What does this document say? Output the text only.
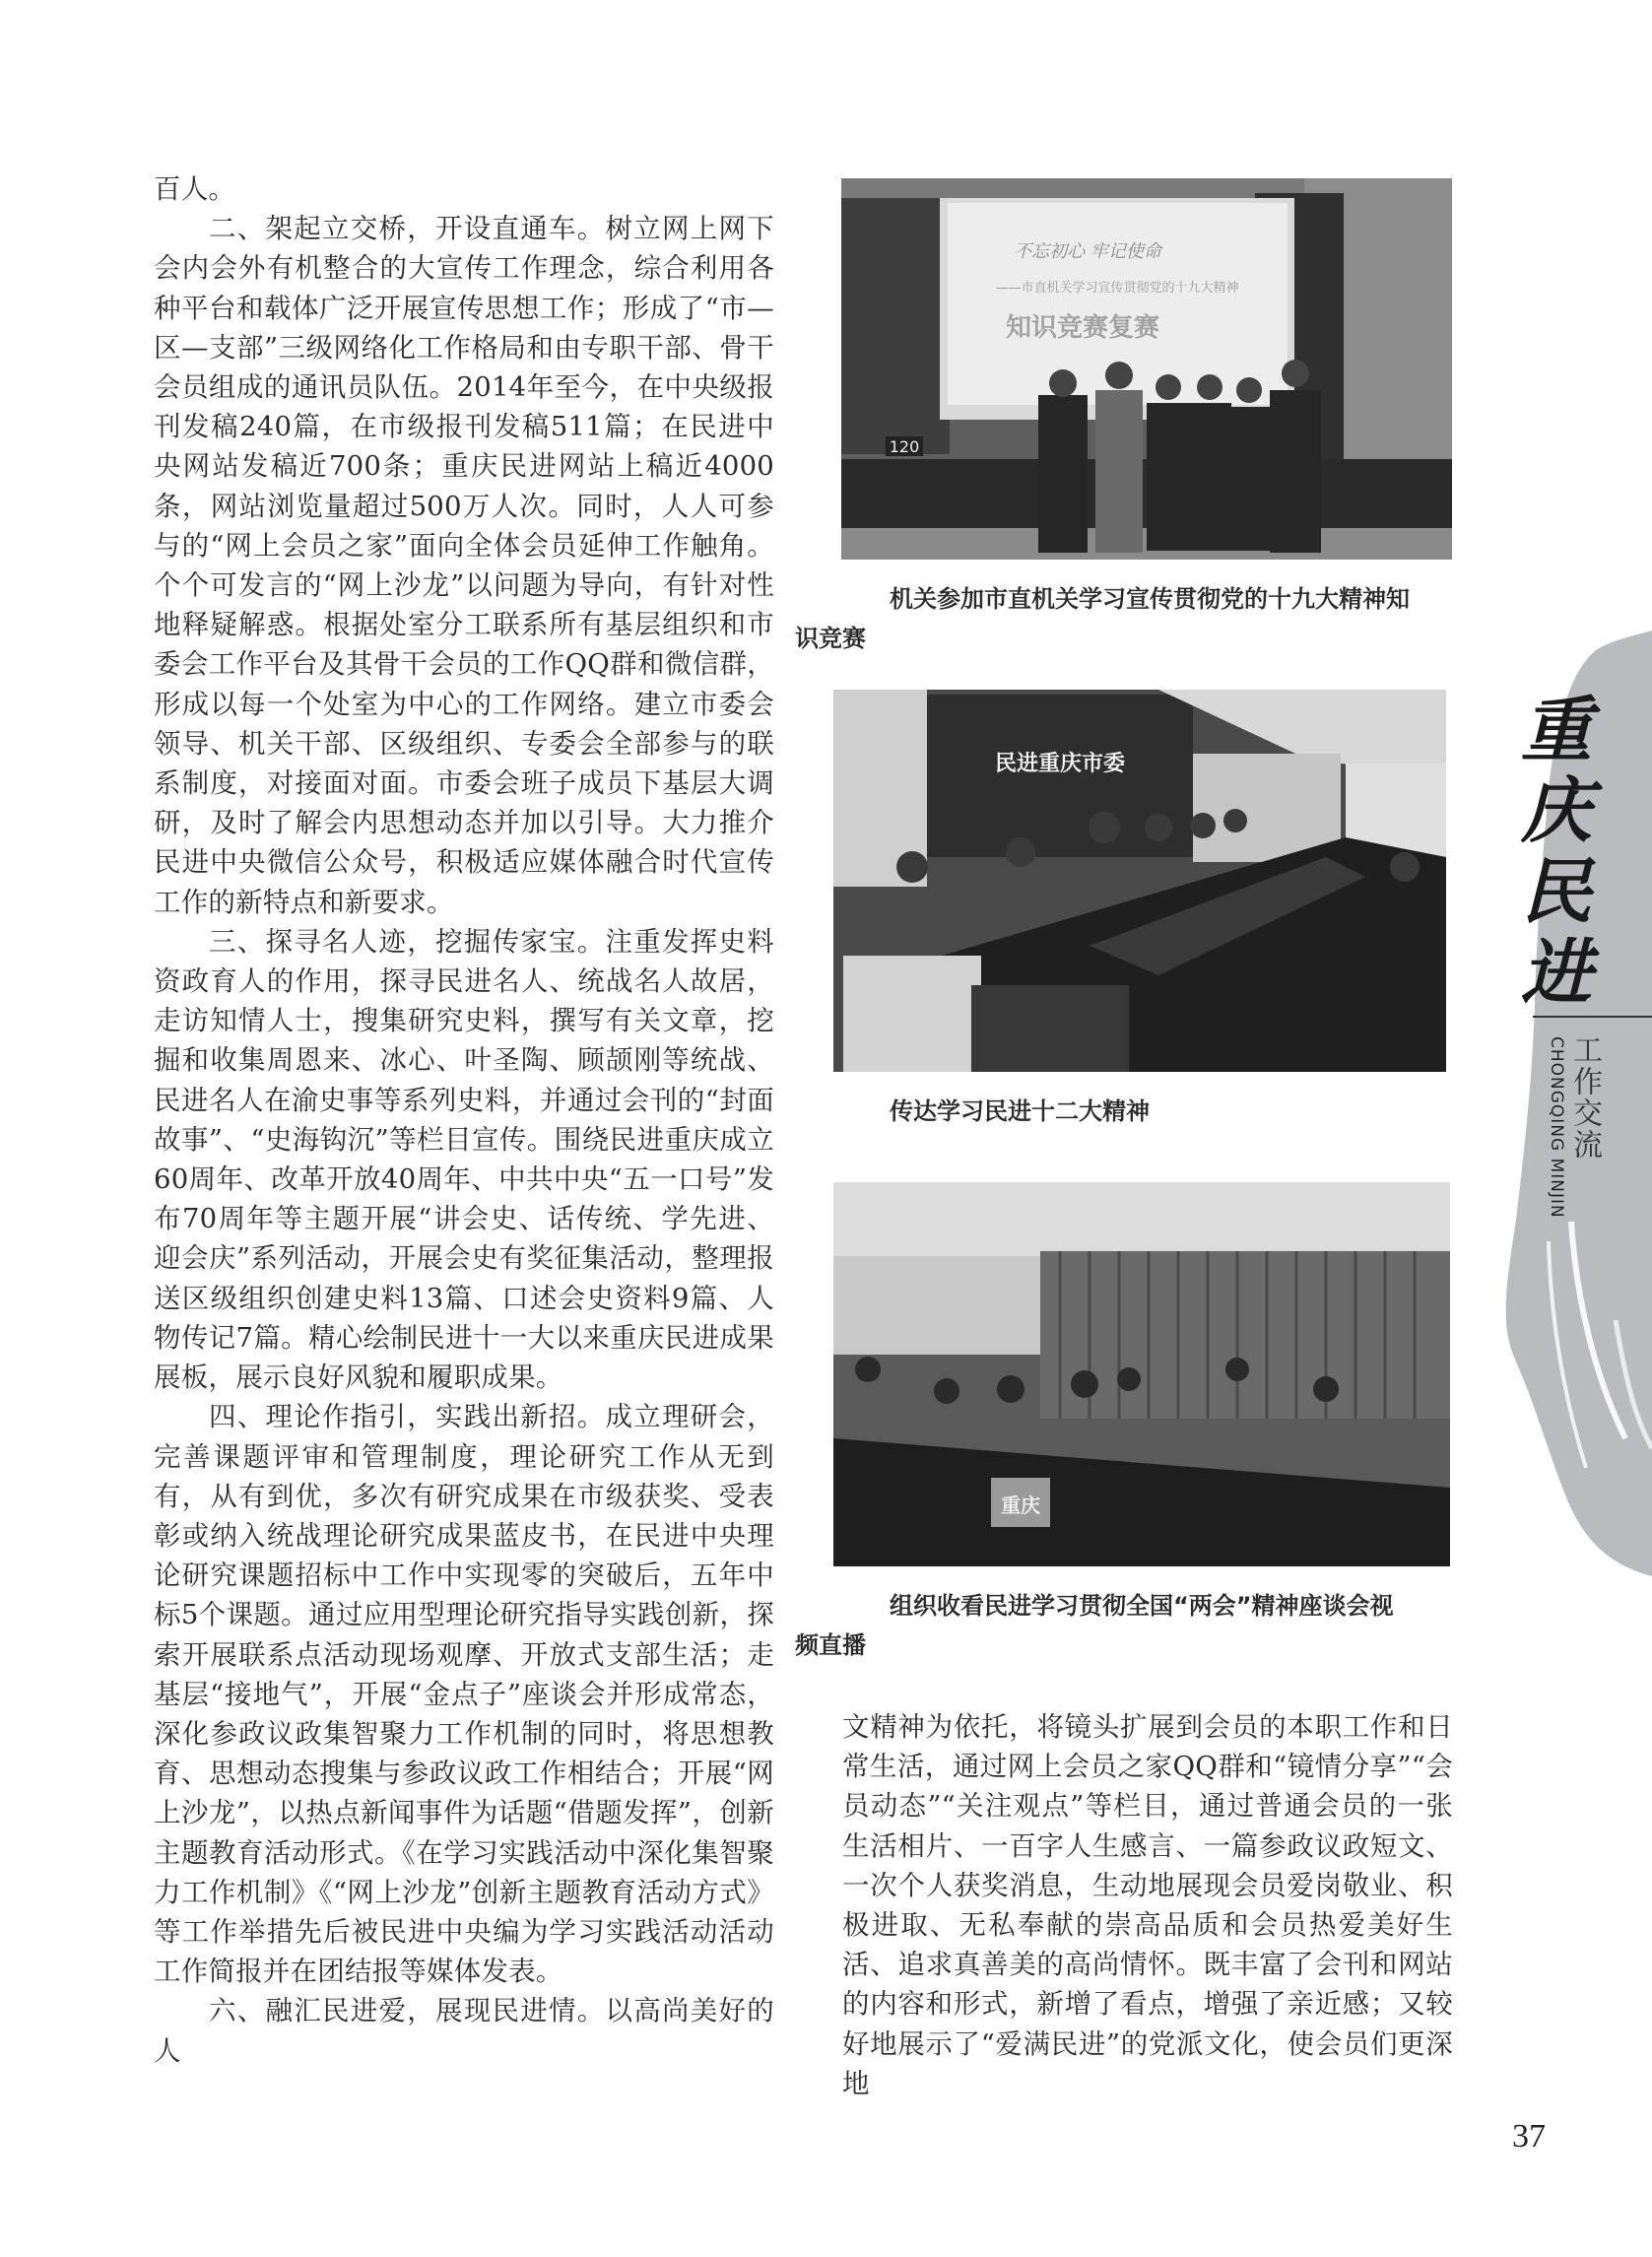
百人。

二、架起立交桥，开设直通车。树立网上网下会内会外有机整合的大宣传工作理念，综合利用各种平台和载体广泛开展宣传思想工作；形成了“市—区—支部”三级网络化工作格局和由专职干部、骨干会员组成的通讯员队伍。2014年至今，在中央级报刊发稿240篇，在市级报刊发稿511篇；在民进中央网站发稿近700条；重庆民进网站上稿近4000条，网站浏览量超过500万人次。同时，人人可参与的“网上会员之家”面向全体会员延伸工作触角。个个可发言的“网上沙龙”以问题为导向，有针对性地释疑解惑。根据处室分工联系所有基层组织和市委会工作平台及其骨干会员的工作QQ群和微信群，形成以每一个处室为中心的工作网络。建立市委会领导、机关干部、区级组织、专委会全部参与的联系制度，对接面对面。市委会班子成员下基层大调研，及时了解会内思想动态并加以引导。大力推介民进中央微信公众号，积极适应媒体融合时代宣传工作的新特点和新要求。

三、探寻名人迹，挖掘传家宝。注重发挥史料资政育人的作用，探寻民进名人、统战名人故居，走访知情人士，搜集研究史料，撰写有关文章，挖掘和收集周恩来、冰心、叶圣陶、顾颉刚等统战、民进名人在渝史事等系列史料，并通过会刊的“封面故事”、“史海钩沉”等栏目宣传。围绕民进重庆成立60周年、改革开放40周年、中共中央“五一口号”发布70周年等主题开展“讲会史、话传统、学先进、迎会庆”系列活动，开展会史有奖征集活动，整理报送区级组织创建史料13篇、口述会史资料9篇、人物传记7篇。精心绘制民进十一大以来重庆民进成果展板，展示良好风貌和履职成果。

四、理论作指引，实践出新招。成立理研会，完善课题评审和管理制度，理论研究工作从无到有，从有到优，多次有研究成果在市级获奖、受表彰或纳入统战理论研究成果蓝皮书，在民进中央理论研究课题招标中工作中实现零的突破后，五年中标5个课题。通过应用型理论研究指导实践创新，探索开展联系点活动现场观摩、开放式支部生活；走基层“接地气”，开展“金点子”座谈会并形成常态，深化参政议政集智聚力工作机制的同时，将思想教育、思想动态搜集与参政议政工作相结合；开展“网上沙龙”，以热点新闻事件为话题“借题发挥”，创新主题教育活动形式。《在学习实践活动中深化集智聚力工作机制》《“网上沙龙”创新主题教育活动方式》等工作举措先后被民进中央编为学习实践活动活动工作简报并在团结报等媒体发表。

六、融汇民进爱，展现民进情。以高尚美好的人

不忘初心 牢记使命
——市直机关学习宣传贯彻党的十九大精神
知识竞赛复赛
120
机关参加市直机关学习宣传贯彻党的十九大精神知
识竞赛
民进重庆市委
传达学习民进十二大精神
重庆
组织收看民进学习贯彻全国“两会”精神座谈会视
频直播

文精神为依托，将镜头扩展到会员的本职工作和日常生活，通过网上会员之家QQ群和“镜情分享”“会员动态”“关注观点”等栏目，通过普通会员的一张生活相片、一百字人生感言、一篇参政议政短文、一次个人获奖消息，生动地展现会员爱岗敬业、积极进取、无私奉献的崇高品质和会员热爱美好生活、追求真善美的高尚情怀。既丰富了会刊和网站的内容和形式，新增了看点，增强了亲近感；又较好地展示了“爱满民进”的党派文化，使会员们更深地

重
庆
民
进
工作交流
CHONGQING MINJIN
37
